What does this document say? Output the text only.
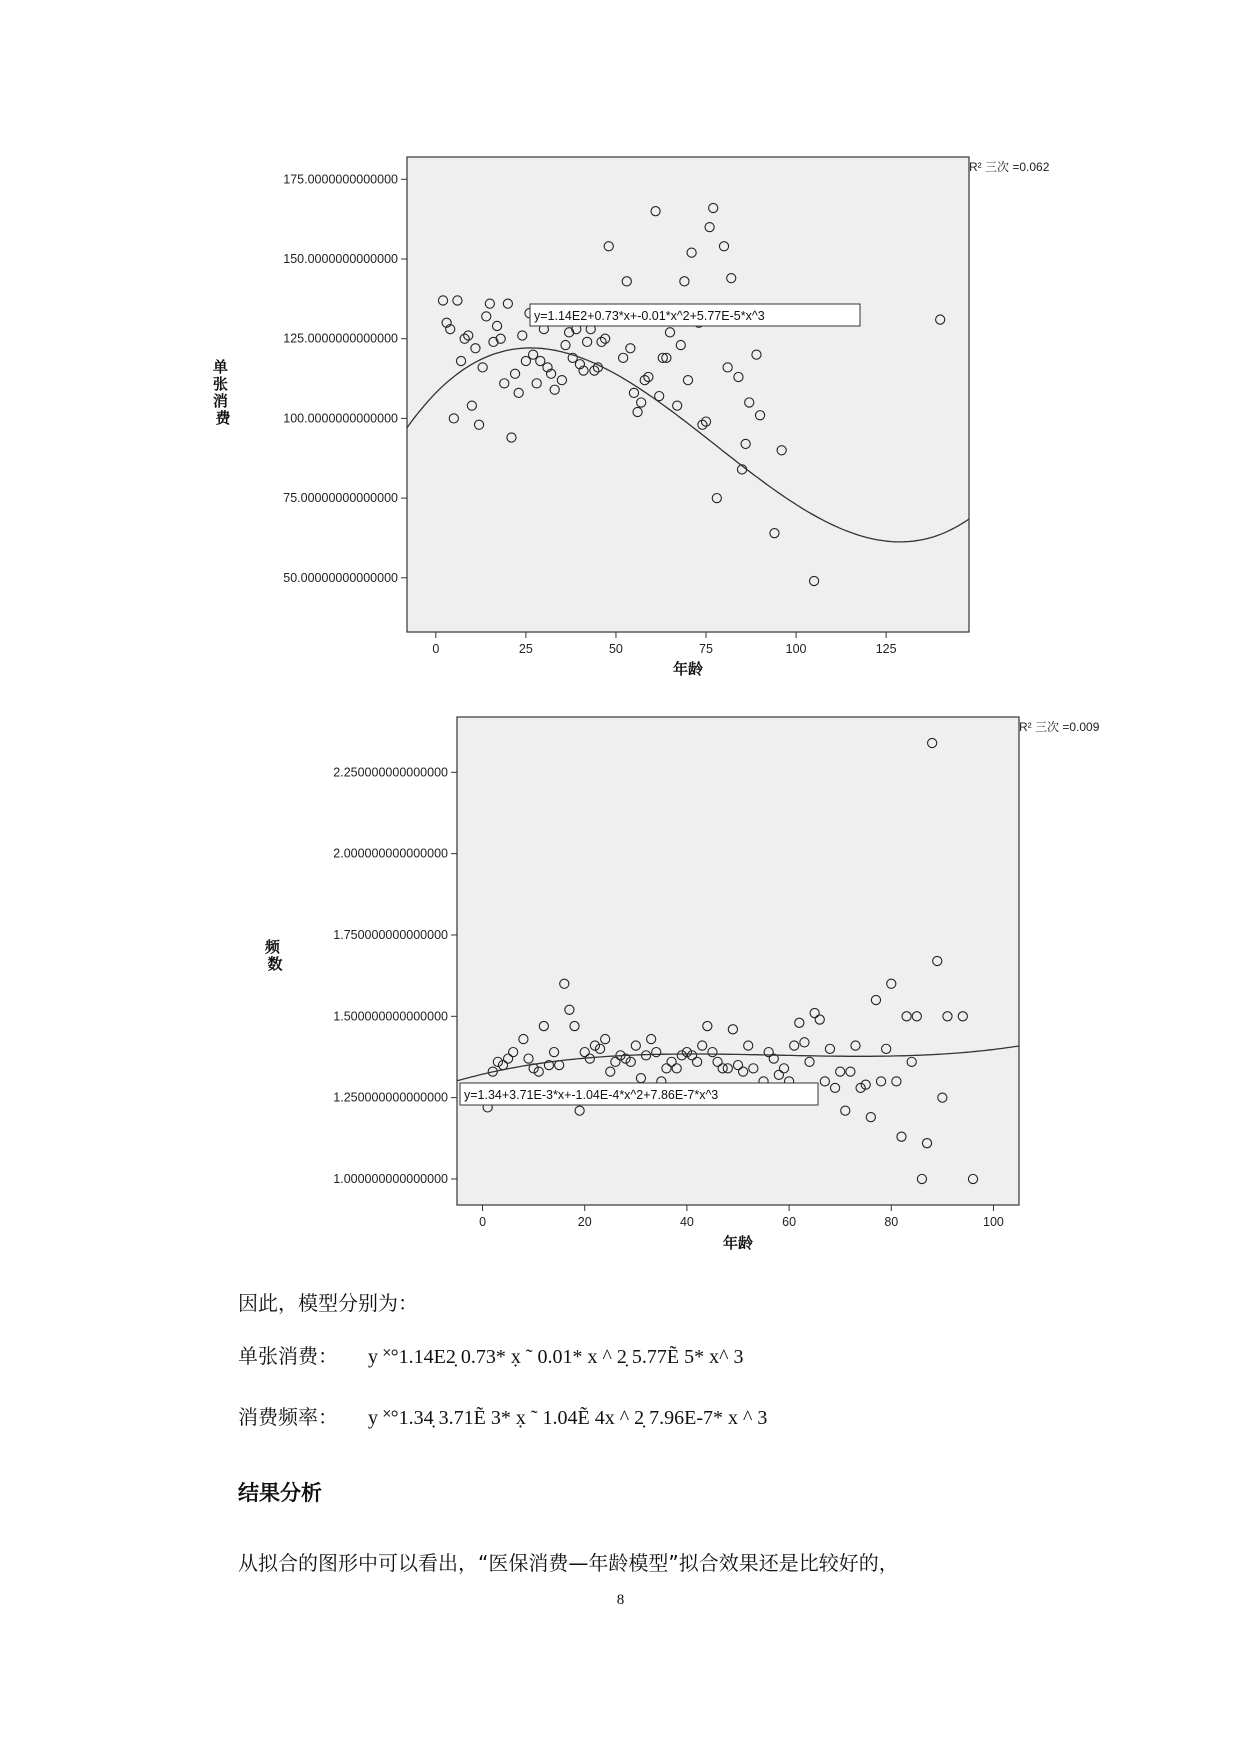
50.00000000000000
75.00000000000000
100.0000000000000
125.0000000000000
150.0000000000000
175.0000000000000
0	25	50	75	100	125
y=1.14E2+0.73*x+-0.01*x^2+5.77E-5*x^3
R² 三次 =0.062
年龄
单 张 消 费
1.000000000000000
1.250000000000000
1.500000000000000
1.750000000000000
2.000000000000000
2.250000000000000
0	20	40	60	80	100
y=1.34+3.71E-3*x+-1.04E-4*x^2+7.86E-7*x^3
R² 三次 =0.009
年龄
频 数
因此，模型分别为：
单张消费： y ˟°1.14E2̣ 0.73* x̣ ˜ 0.01* x ^ 2̣ 5.77Ẽ 5* x^ 3
消费频率： y ˟°1.34̣ 3.71Ẽ 3* x̣ ˜ 1.04Ẽ 4x ^ 2̣ 7.96E-7* x ^ 3
结果分析
从拟合的图形中可以看出，“医保消费—年龄模型”拟合效果还是比较好的，
8
